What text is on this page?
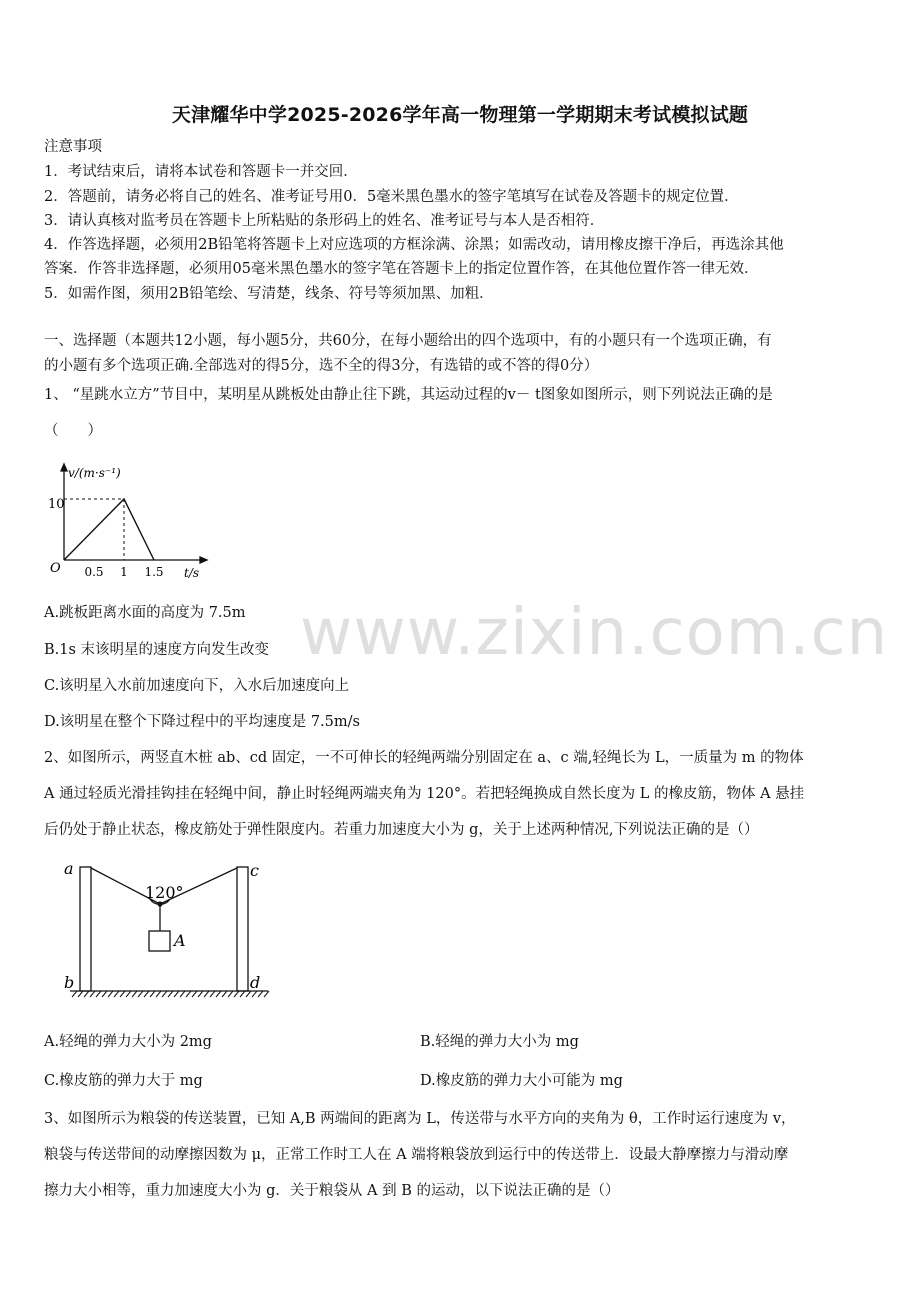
天津耀华中学2025-2026学年高一物理第一学期期末考试模拟试题
注意事项
1．考试结束后，请将本试卷和答题卡一并交回．
2．答题前，请务必将自己的姓名、准考证号用0．5毫米黑色墨水的签字笔填写在试卷及答题卡的规定位置．
3．请认真核对监考员在答题卡上所粘贴的条形码上的姓名、准考证号与本人是否相符．
4．作答选择题，必须用2B铅笔将答题卡上对应选项的方框涂满、涂黑；如需改动，请用橡皮擦干净后，再选涂其他
答案．作答非选择题，必须用05毫米黑色墨水的签字笔在答题卡上的指定位置作答，在其他位置作答一律无效．
5．如需作图，须用2B铅笔绘、写清楚，线条、符号等须加黑、加粗．
一、选择题（本题共12小题，每小题5分，共60分，在每小题给出的四个选项中，有的小题只有一个选项正确，有
的小题有多个选项正确.全部选对的得5分，选不全的得3分，有选错的或不答的得0分）
1、 “星跳水立方”节目中，某明星从跳板处由静止往下跳，其运动过程的v－ t图象如图所示，则下列说法正确的是
（　　）
v/(m·s⁻¹)
10
O 0.5 1 1.5 t/s
www.zixin.com.cn
A.跳板距离水面的高度为 7.5m
B.1s 末该明星的速度方向发生改变
C.该明星入水前加速度向下，入水后加速度向上
D.该明星在整个下降过程中的平均速度是 7.5m/s
2、如图所示，两竖直木桩 ab、cd 固定，一不可伸长的轻绳两端分别固定在 a、c 端,轻绳长为 L，一质量为 m 的物体
A 通过轻质光滑挂钩挂在轻绳中间，静止时轻绳两端夹角为 120°。若把轻绳换成自然长度为 L 的橡皮筋，物体 A 悬挂
后仍处于静止状态，橡皮筋处于弹性限度内。若重力加速度大小为 g，关于上述两种情况,下列说法正确的是（）
a
b
c
d
120°
A
A.轻绳的弹力大小为 2mg	B.轻绳的弹力大小为 mg
C.橡皮筋的弹力大于 mg	D.橡皮筋的弹力大小可能为 mg
3、如图所示为粮袋的传送装置，已知 A,B 两端间的距离为 L，传送带与水平方向的夹角为 θ，工作时运行速度为 v，
粮袋与传送带间的动摩擦因数为 μ，正常工作时工人在 A 端将粮袋放到运行中的传送带上．设最大静摩擦力与滑动摩
擦力大小相等，重力加速度大小为 g．关于粮袋从 A 到 B 的运动，以下说法正确的是（）
